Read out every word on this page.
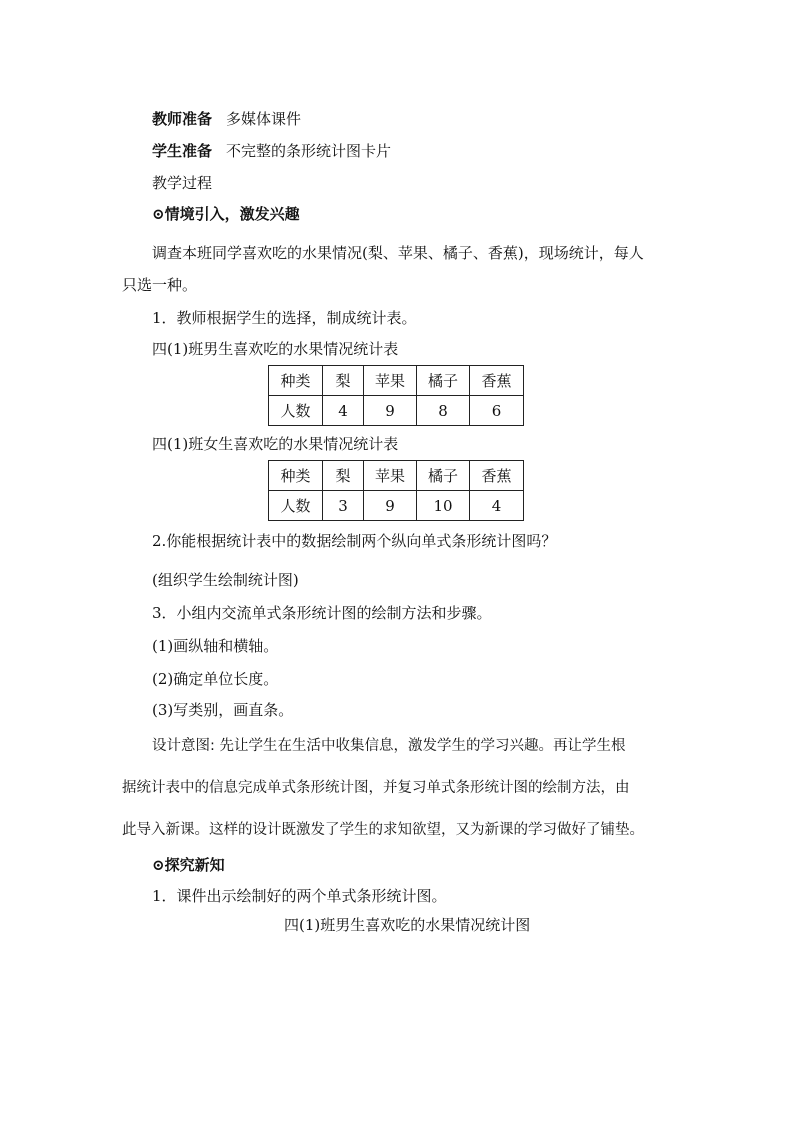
教师准备 多媒体课件
学生准备 不完整的条形统计图卡片
教学过程
⊙情境引入，激发兴趣
调查本班同学喜欢吃的水果情况(梨、苹果、橘子、香蕉)，现场统计，每人
只选一种。
1．教师根据学生的选择，制成统计表。
四(1)班男生喜欢吃的水果情况统计表
种类	梨	苹果	橘子	香蕉
人数	4	9	8	6
四(1)班女生喜欢吃的水果情况统计表
种类	梨	苹果	橘子	香蕉
人数	3	9	10	4
2.你能根据统计表中的数据绘制两个纵向单式条形统计图吗？
(组织学生绘制统计图)
3．小组内交流单式条形统计图的绘制方法和步骤。
(1)画纵轴和横轴。
(2)确定单位长度。
(3)写类别，画直条。
设计意图: 先让学生在生活中收集信息，激发学生的学习兴趣。再让学生根
据统计表中的信息完成单式条形统计图，并复习单式条形统计图的绘制方法，由
此导入新课。这样的设计既激发了学生的求知欲望，又为新课的学习做好了铺垫。
⊙探究新知
1．课件出示绘制好的两个单式条形统计图。
四(1)班男生喜欢吃的水果情况统计图
